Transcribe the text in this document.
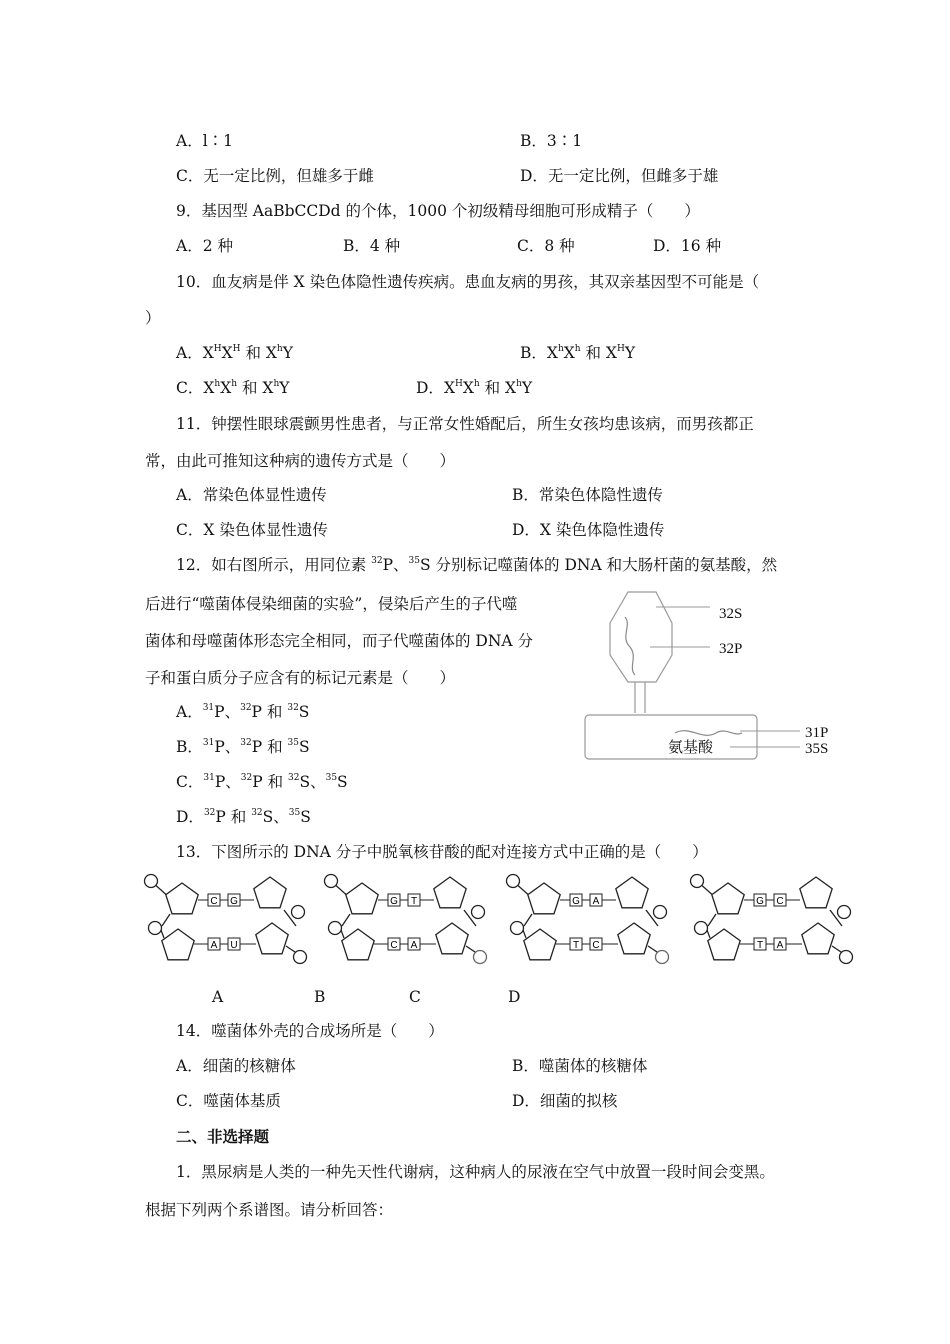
A．l∶1	B．3∶1
C．无一定比例，但雄多于雌	D．无一定比例，但雌多于雄
9．基因型 AaBbCCDd 的个体，1000 个初级精母细胞可形成精子（　　）
A．2 种	B．4 种	C．8 种	D．16 种
10．血友病是伴 X 染色体隐性遗传疾病。患血友病的男孩，其双亲基因型不可能是（
）
A．$X^HX^H$ 和 $X^hY$	B．$X^hX^h$ 和 $X^HY$
C．$X^hX^h$ 和 $X^hY$	D．$X^HX^h$ 和 $X^hY$
11．钟摆性眼球震颤男性患者，与正常女性婚配后，所生女孩均患该病，而男孩都正
常，由此可推知这种病的遗传方式是（　　）
A．常染色体显性遗传	B．常染色体隐性遗传
C．X 染色体显性遗传	D．X 染色体隐性遗传
12．如右图所示，用同位素 $^{32}$P、$^{35}$S 分别标记噬菌体的 DNA 和大肠杆菌的氨基酸，然
后进行“噬菌体侵染细菌的实验”，侵染后产生的子代噬
菌体和母噬菌体形态完全相同，而子代噬菌体的 DNA 分
子和蛋白质分子应含有的标记元素是（　　）
A．$^{31}$P、$^{32}$P 和 $^{32}$S
B．$^{31}$P、$^{32}$P 和 $^{35}$S
C．$^{31}$P、$^{32}$P 和 $^{32}$S、$^{35}$S
D．$^{32}$P 和 $^{32}$S、$^{35}$S
32S
32P
31P
35S
氨基酸
13．下图所示的 DNA 分子中脱氧核苷酸的配对连接方式中正确的是（　　）
C G
A U
G T
C A
G A
T C
G C
T A
A	B	C	D
14．噬菌体外壳的合成场所是（　　）
A．细菌的核糖体	B．噬菌体的核糖体
C．噬菌体基质	D．细菌的拟核
二、非选择题
1．黑尿病是人类的一种先天性代谢病，这种病人的尿液在空气中放置一段时间会变黑。
根据下列两个系谱图。请分析回答：
